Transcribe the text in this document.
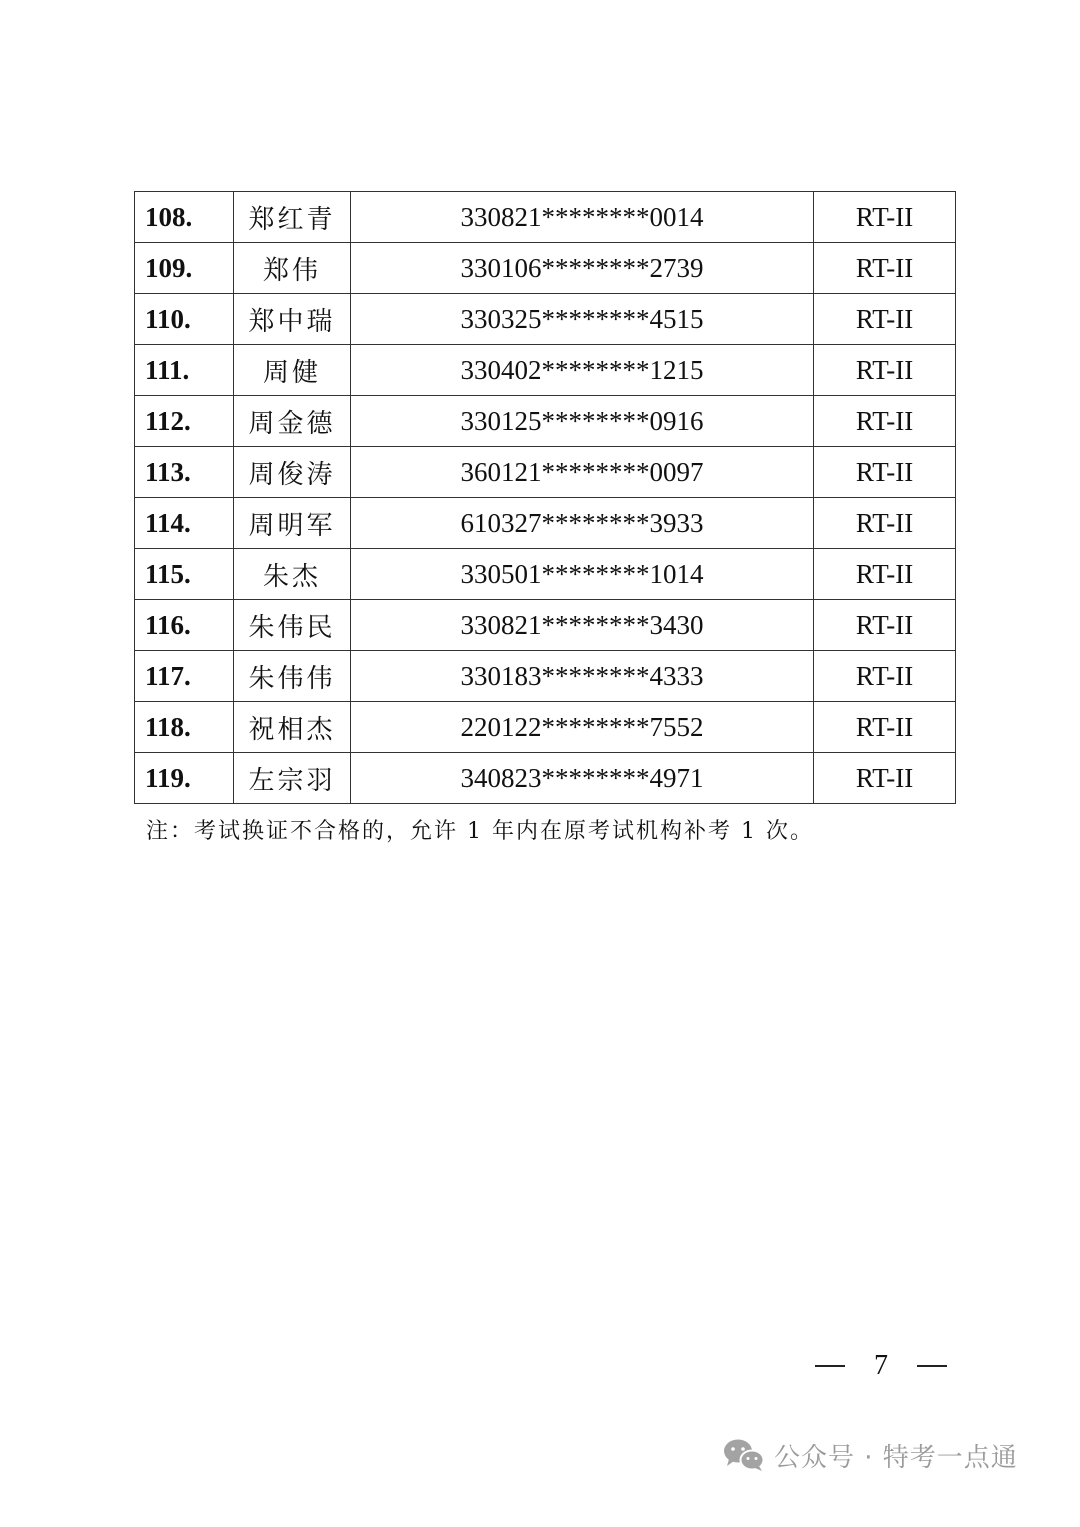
108.	郑红青	330821********0014	RT-II
109.	郑伟	330106********2739	RT-II
110.	郑中瑞	330325********4515	RT-II
111.	周健	330402********1215	RT-II
112.	周金德	330125********0916	RT-II
113.	周俊涛	360121********0097	RT-II
114.	周明军	610327********3933	RT-II
115.	朱杰	330501********1014	RT-II
116.	朱伟民	330821********3430	RT-II
117.	朱伟伟	330183********4333	RT-II
118.	祝相杰	220122********7552	RT-II
119.	左宗羽	340823********4971	RT-II
注：考试换证不合格的，允许 1 年内在原考试机构补考 1 次。
7
公众号 · 特考一点通
